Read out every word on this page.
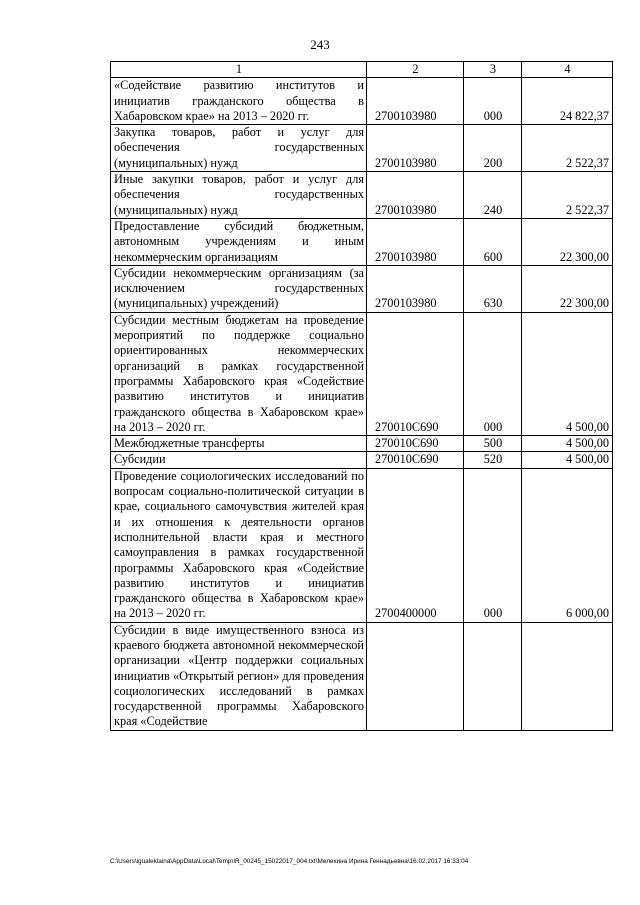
243
1	2	3	4
«Содействие развитию институтов и инициатив гражданского общества в Хабаровском крае» на 2013 – 2020 гг.	2700103980	000	24 822,37
Закупка товаров, работ и услуг для обеспечения государственных (муниципальных) нужд	2700103980	200	2 522,37
Иные закупки товаров, работ и услуг для обеспечения государственных (муниципальных) нужд	2700103980	240	2 522,37
Предоставление субсидий бюджетным, автономным учреждениям и иным некоммерческим организациям	2700103980	600	22 300,00
Субсидии некоммерческим организациям (за исключением государственных (муниципальных) учреждений)	2700103980	630	22 300,00
Субсидии местным бюджетам на проведение мероприятий по поддержке социально ориентированных некоммерческих организаций в рамках государственной программы Хабаровского края «Содействие развитию институтов и инициатив гражданского общества в Хабаровском крае» на 2013 – 2020 гг.	270010С690	000	4 500,00
Межбюджетные трансферты	270010С690	500	4 500,00
Субсидии	270010С690	520	4 500,00
Проведение социологических исследований по вопросам социально-политической ситуации в крае, социального самочувствия жителей края и их отношения к деятельности органов исполнительной власти края и местного самоуправления в рамках государственной программы Хабаровского края «Содействие развитию институтов и инициатив гражданского общества в Хабаровском крае» на 2013 – 2020 гг.	2700400000	000	6 000,00
Субсидии в виде имущественного взноса из краевого бюджета автономной некоммерческой организации «Центр поддержки социальных инициатив «Открытый регион» для проведения социологических исследований в рамках государственной программы Хабаровского края «Содействие			
C:\Users\igualeklaina\AppData\Local\Temp\IR_00245_15022017_004.txt\Мелехина Ирина Геннадьевна\16.02.2017 16:33:04
